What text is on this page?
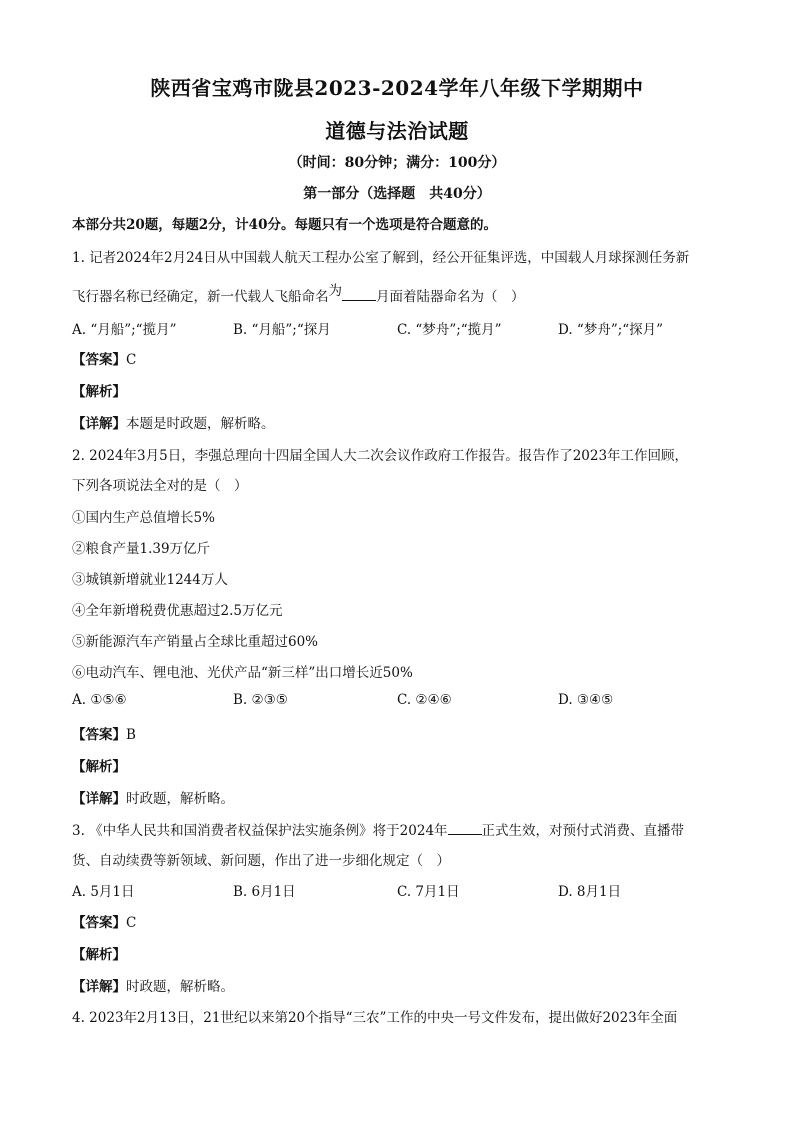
陕西省宝鸡市陇县2023-2024学年八年级下学期期中
道德与法治试题
（时间：80分钟；满分：100分）
第一部分（选择题　共40分）
本部分共20题，每题2分，计40分。每题只有一个选项是符合题意的。
1. 记者2024年2月24日从中国载人航天工程办公室了解到，经公开征集评选，中国载人月球探测任务新
飞行器名称已经确定，新一代载人飞船命名为	月面着陆器命名为（　）
A. “月船”;“揽月”	B. “月船”;“探月	C. “梦舟”;“揽月”	D. “梦舟”;“探月”
【答案】C
【解析】
【详解】本题是时政题，解析略。
2. 2024年3月5日，李强总理向十四届全国人大二次会议作政府工作报告。报告作了2023年工作回顾，
下列各项说法全对的是（　）
①国内生产总值增长5%
②粮食产量1.39万亿斤
③城镇新增就业1244万人
④全年新增税费优惠超过2.5万亿元
⑤新能源汽车产销量占全球比重超过60%
⑥电动汽车、锂电池、光伏产品“新三样”出口增长近50%
A. ①⑤⑥	B. ②③⑤	C. ②④⑥	D. ③④⑤
【答案】B
【解析】
【详解】时政题，解析略。
3. 《中华人民共和国消费者权益保护法实施条例》将于2024年	正式生效，对预付式消费、直播带
货、自动续费等新领域、新问题，作出了进一步细化规定（　）
A. 5月1日	B. 6月1日	C. 7月1日	D. 8月1日
【答案】C
【解析】
【详解】时政题，解析略。
4. 2023年2月13日，21世纪以来第20个指导“三农”工作的中央一号文件发布，提出做好2023年全面
